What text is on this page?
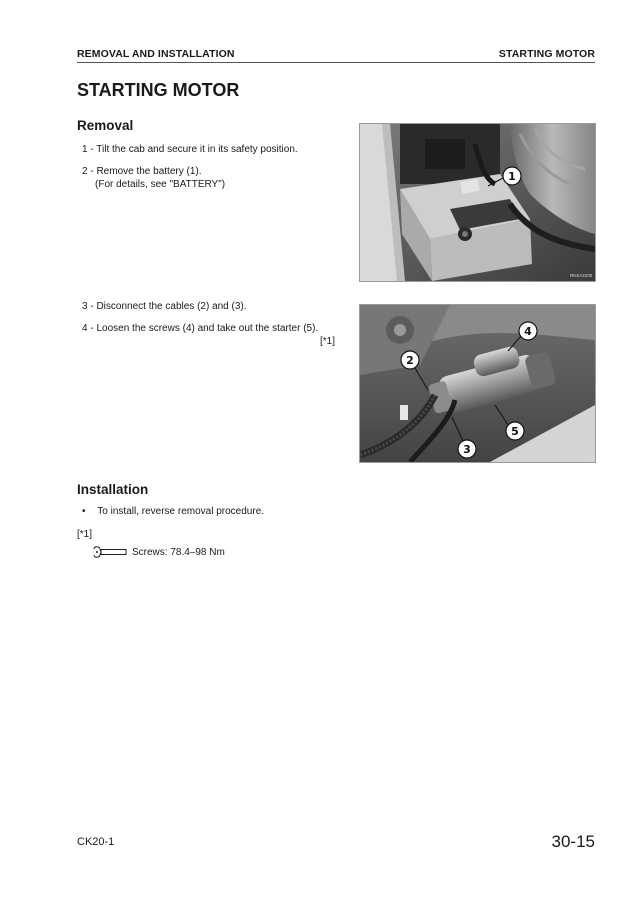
REMOVAL AND INSTALLATION	STARTING MOTOR
STARTING MOTOR
Removal
1 - Tilt the cab and secure it in its safety position.
2 - Remove the battery (1).
(For details, see "BATTERY")
1
RKSA2230
3 - Disconnect the cables (2) and (3).
4 - Loosen the screws (4) and take out the starter (5).
[*1]
4
2
5
3
RKSA1880
Installation
• To install, reverse removal procedure.
[*1]
Screws: 78.4–98 Nm
CK20-1	30-15
